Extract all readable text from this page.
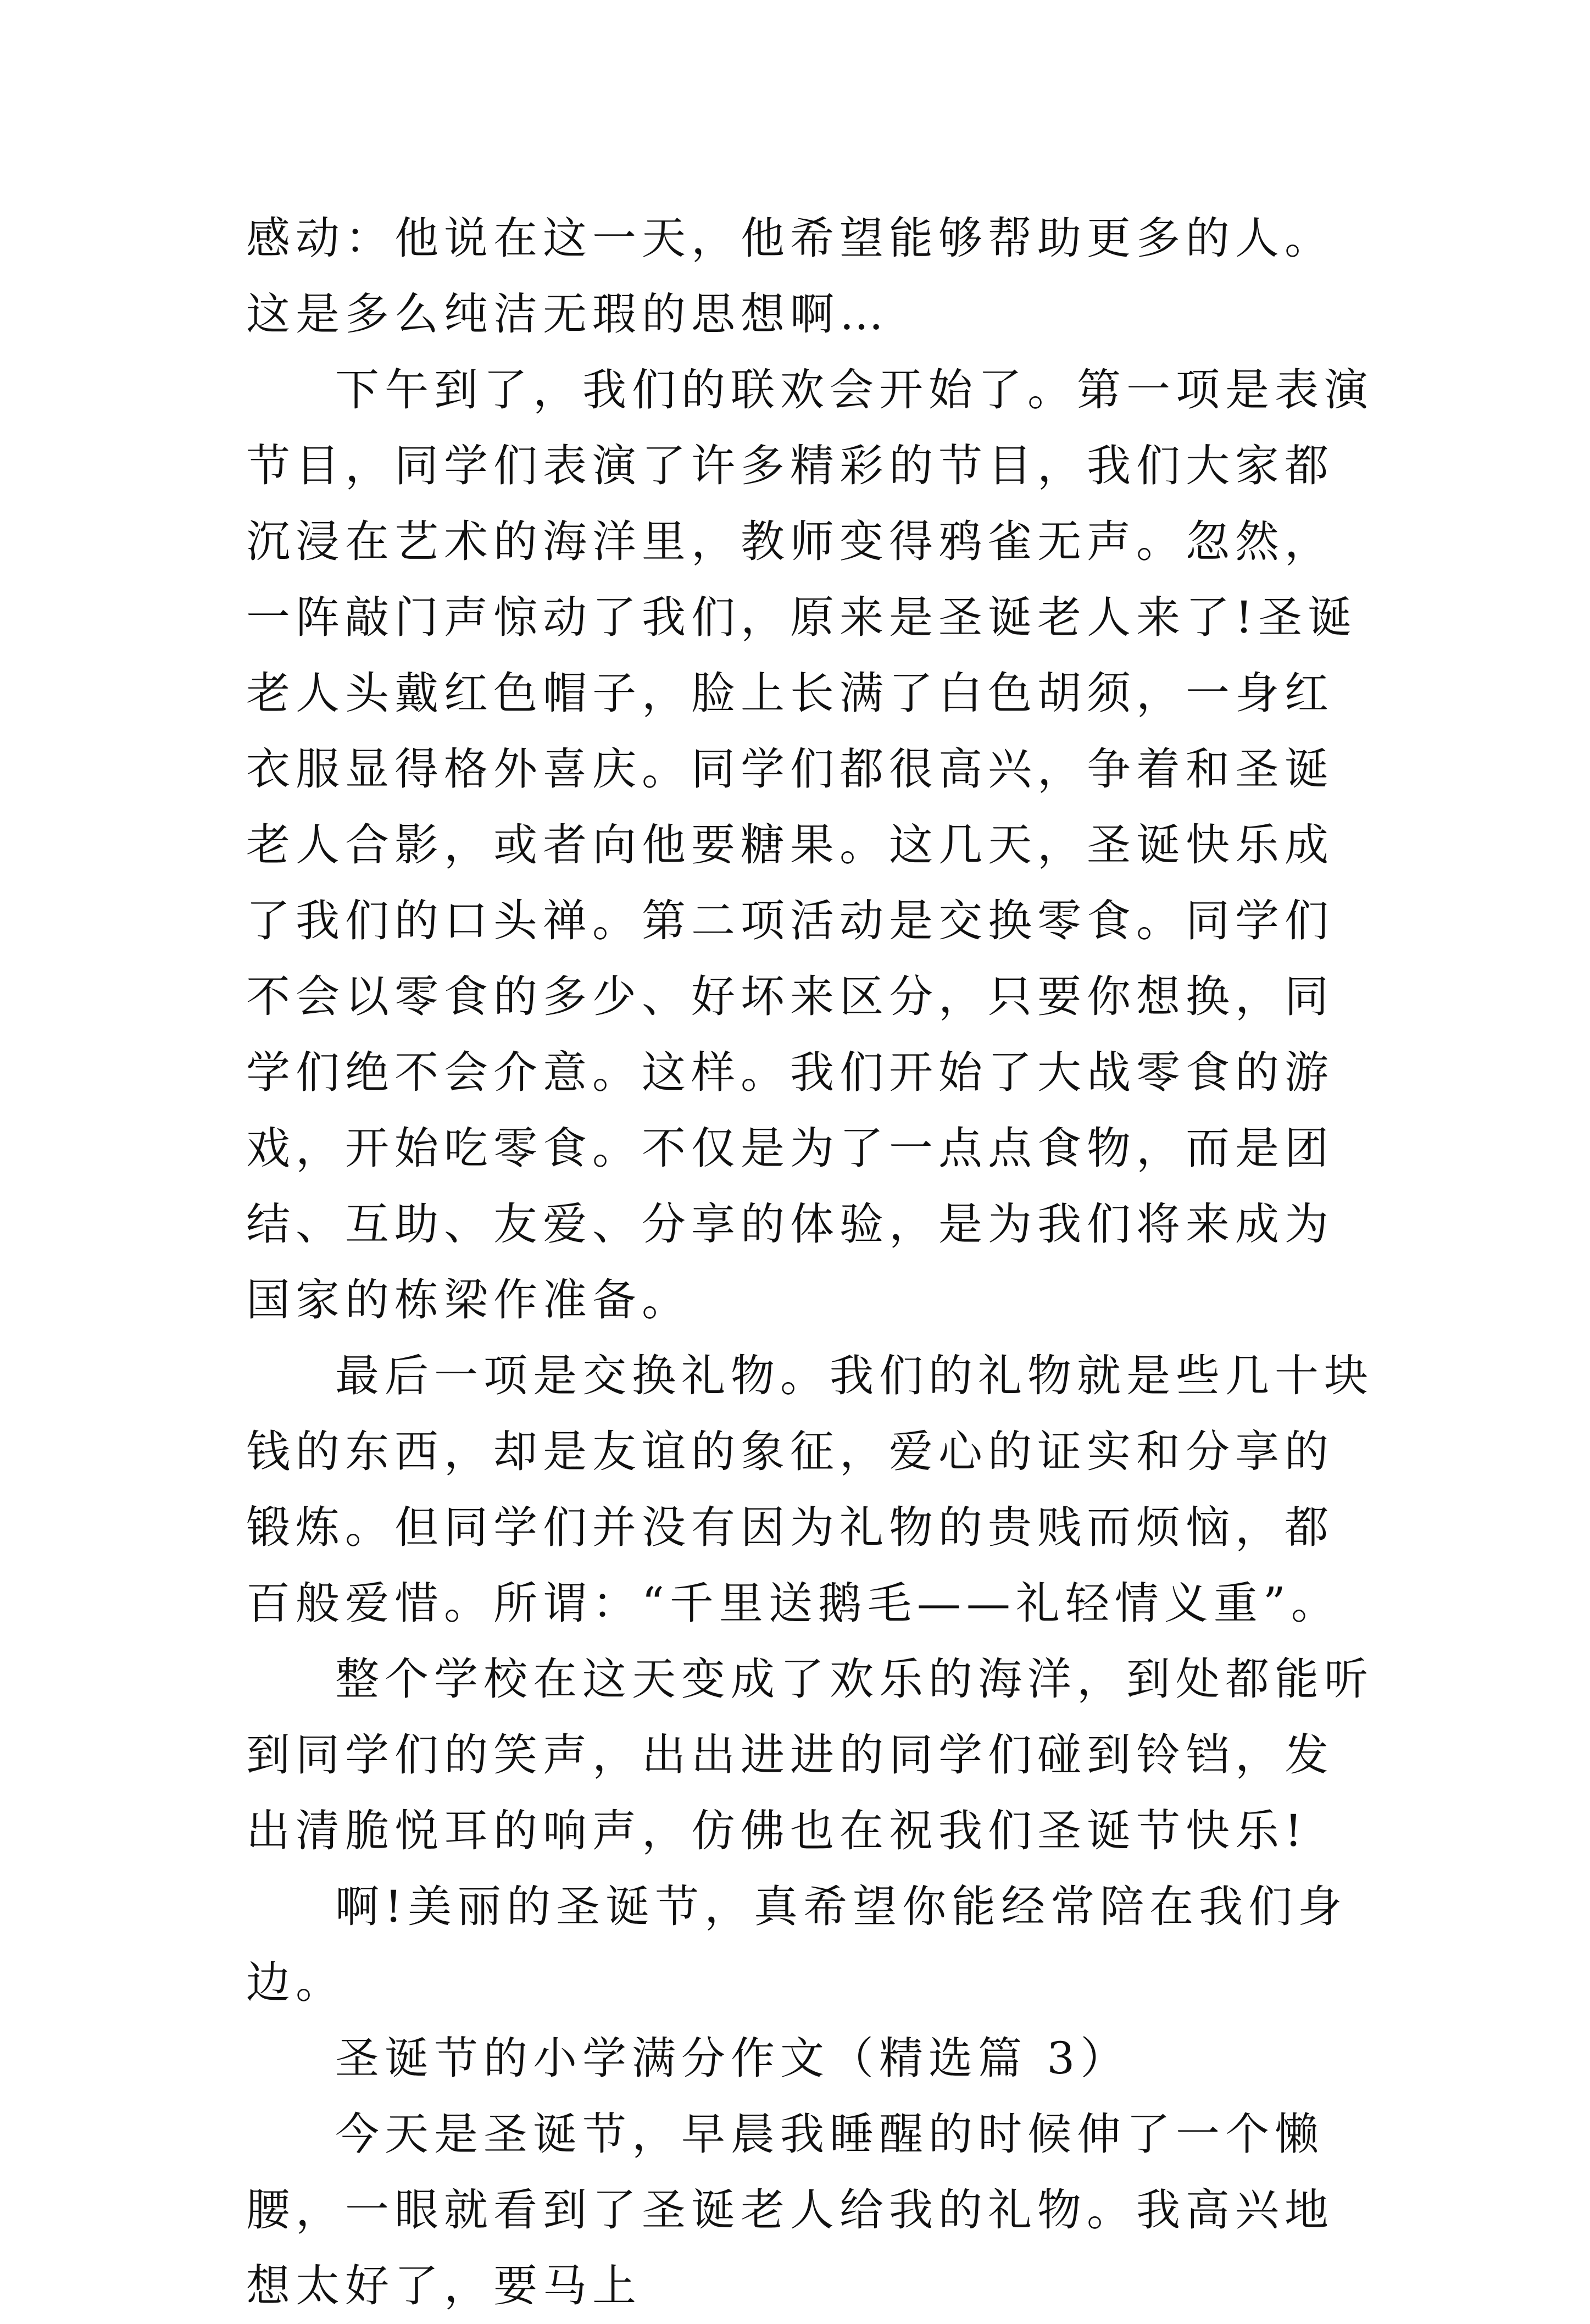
感动：他说在这一天，他希望能够帮助更多的人。这是多么纯洁无瑕的思想啊…

下午到了，我们的联欢会开始了。第一项是表演节目，同学们表演了许多精彩的节目，我们大家都沉浸在艺术的海洋里，教师变得鸦雀无声。忽然，一阵敲门声惊动了我们，原来是圣诞老人来了!圣诞老人头戴红色帽子，脸上长满了白色胡须，一身红衣服显得格外喜庆。同学们都很高兴，争着和圣诞老人合影，或者向他要糖果。这几天，圣诞快乐成了我们的口头禅。第二项活动是交换零食。同学们不会以零食的多少、好坏来区分，只要你想换，同学们绝不会介意。这样。我们开始了大战零食的游戏，开始吃零食。不仅是为了一点点食物，而是团结、互助、友爱、分享的体验，是为我们将来成为国家的栋梁作准备。

最后一项是交换礼物。我们的礼物就是些几十块钱的东西，却是友谊的象征，爱心的证实和分享的锻炼。但同学们并没有因为礼物的贵贱而烦恼，都百般爱惜。所谓：“千里送鹅毛——礼轻情义重”。

整个学校在这天变成了欢乐的海洋，到处都能听到同学们的笑声，出出进进的同学们碰到铃铛，发出清脆悦耳的响声，仿佛也在祝我们圣诞节快乐!

啊!美丽的圣诞节，真希望你能经常陪在我们身边。

圣诞节的小学满分作文（精选篇 3）

今天是圣诞节，早晨我睡醒的时候伸了一个懒腰，一眼就看到了圣诞老人给我的礼物。我高兴地想太好了，要马上
